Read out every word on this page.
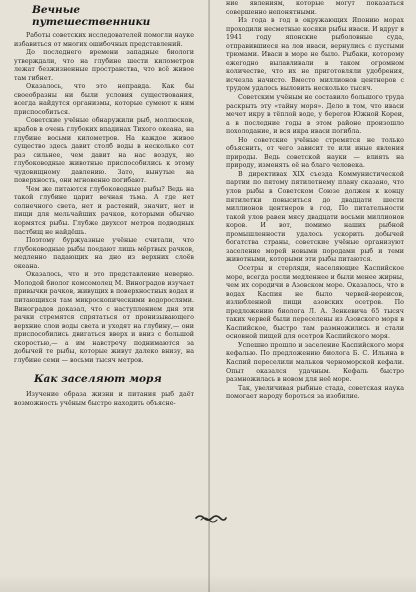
Вечные путешественники

Работы советских исследователей помогли науке избавиться от многих ошибочных представлений.

До последнего времени западные биологи утверждали, что на глубине шести километров лежат безжизненные пространства, что всё живое там гибнет.

Оказалось, что это неправда. Как бы своеобразны ни были условия существования, всегда найдутся организмы, которые сумеют к ним приспособиться.

Советские учёные обнаружили рыб, моллюсков, крабов в очень глубоких впадинах Тихого океана, на глубине восьми километров. На каждое живое существо здесь давит столб воды в несколько сот раз сильнее, чем давит на нас воздух, но глубоководные животные приспособились к этому чудовищному давлению. Зато, вынутые на поверхность, они мгновенно погибают.

Чем же питаются глубоководные рыбы? Ведь на такой глубине царит вечная тьма. А где нет солнечного света, нет и растений, значит, нет и пищи для мельчайших рачков, которыми обычно кормятся рыбы. Глубже двухсот метров подводных пастбищ не найдёшь.

Поэтому буржуазные учёные считали, что глубоководные рыбы поедают лишь мёртвых рачков, медленно падающих на дно из верхних слоёв океана.

Оказалось, что и это представление неверно. Молодой биолог комсомолец М. Виноградов изучает привычки рачков, живущих в поверхностных водах и питающихся там микроскопическими водорослями. Виноградов доказал, что с наступлением дня эти рачки стремятся спрятаться от пронизывающего верхние слои воды света и уходят на глубину,— они приспособились двигаться вверх и вниз с большой скоростью,— а им навстречу поднимаются за добычей те рыбы, которые живут далеко внизу, на глубине семи — восьми тысяч метров.

Как заселяют моря

Изучение образа жизни и питания рыб даёт возможность учёным быстро находить объясне-

ние явлениям, которые могут показаться совершенно непонятными.

Из года в год в окружающих Японию морах проходили несметные косяки рыбы иваси. И вдруг в 1941 году японские рыболовные суда, отправившиеся на лов иваси, вернулись с пустыми трюмами. Иваси в море не было. Рыбаки, которому ежегодно вылавливали в таком огромном количестве, что их не приготовляли удобрения, исчезла начисто. Вместо миллионов центнеров с трудом удалось выловить несколько тысяч.

Советским учёным не составило большого труда раскрыть эту «тайну моря». Дело в том, что иваси мечет икру в тёплой воде, у берегов Южной Кореи, а в последние годы в этом районе произошло похолодание, и вся икра иваси погибла.

Но советские учёные стремятся не только объяснить, от чего зависит те или иные явления природы. Ведь советской науки — влиять на природу, изменять её на благо человека.

В директивах XIX съезда Коммунистической партии по пятому пятилетнему плану сказано, что улов рыбы в Советском Союзе должен к концу пятилетки повыситься до двадцати шести миллионов центнеров в год. По питательности такой улов равен мясу двадцати восьми миллионов коров. И вот, помимо наших рыбной промышленности удалось ускорить добычей богатства страны, советские учёные организуют заселение морей новыми породами рыб и теми животными, которыми эти рыбы питаются.

Осетры и стерляди, населяющие Каспийское море, всегда росли медленнее и были менее жирны, чем их сородичи в Азовском море. Оказалось, что в водах Каспия не было червей-нереисов, излюбленной пищи азовских осетров. По предложению биолога Л. А. Зенкевича 65 тысяч таких червей были переселены из Азовского моря в Каспийское, быстро там размножились и стали основной пищей для осетров Каспийского моря.

Успешно прошло и заселение Каспийского моря кефалью. По предложению биолога Б. С. Ильина в Каспий переселили мальков черноморской кефали. Опыт оказался удачным. Кефаль быстро размножилась в новом для неё море.

Так, увеличивая рыбные стада, советская наука помогает народу бороться за изобилие.
